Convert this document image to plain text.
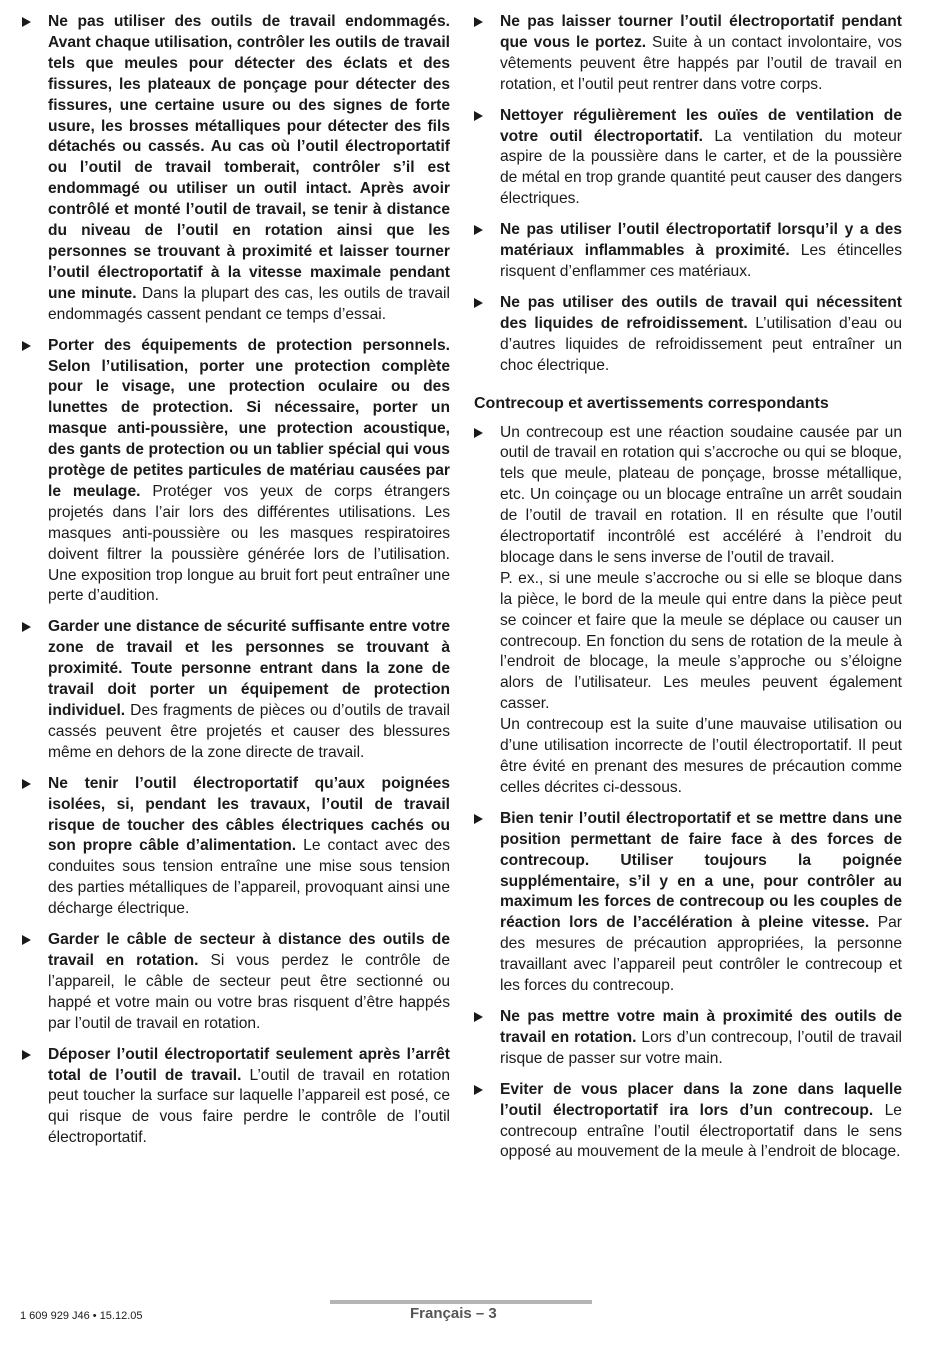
Ne pas utiliser des outils de travail endommagés. Avant chaque utilisation, contrôler les outils de travail tels que meules pour détecter des éclats et des fissures, les plateaux de ponçage pour détecter des fissures, une certaine usure ou des signes de forte usure, les brosses métalliques pour détecter des fils détachés ou cassés. Au cas où l’outil électroportatif ou l’outil de travail tomberait, contrôler s’il est endommagé ou utiliser un outil intact. Après avoir contrôlé et monté l’outil de travail, se tenir à distance du niveau de l’outil en rotation ainsi que les personnes se trouvant à proximité et laisser tourner l’outil électroportatif à la vitesse maximale pendant une minute. Dans la plupart des cas, les outils de travail endommagés cassent pendant ce temps d’essai.
Porter des équipements de protection personnels. Selon l’utilisation, porter une protection complète pour le visage, une protection oculaire ou des lunettes de protection. Si nécessaire, porter un masque anti-poussière, une protection acoustique, des gants de protection ou un tablier spécial qui vous protège de petites particules de matériau causées par le meulage. Protéger vos yeux de corps étrangers projetés dans l’air lors des différentes utilisations. Les masques anti-poussière ou les masques respiratoires doivent filtrer la poussière générée lors de l’utilisation. Une exposition trop longue au bruit fort peut entraîner une perte d’audition.
Garder une distance de sécurité suffisante entre votre zone de travail et les personnes se trouvant à proximité. Toute personne entrant dans la zone de travail doit porter un équipement de protection individuel. Des fragments de pièces ou d’outils de travail cassés peuvent être projetés et causer des blessures même en dehors de la zone directe de travail.
Ne tenir l’outil électroportatif qu’aux poignées isolées, si, pendant les travaux, l’outil de travail risque de toucher des câbles électriques cachés ou son propre câble d’alimentation. Le contact avec des conduites sous tension entraîne une mise sous tension des parties métalliques de l’appareil, provoquant ainsi une décharge électrique.
Garder le câble de secteur à distance des outils de travail en rotation. Si vous perdez le contrôle de l’appareil, le câble de secteur peut être sectionné ou happé et votre main ou votre bras risquent d’être happés par l’outil de travail en rotation.
Déposer l’outil électroportatif seulement après l’arrêt total de l’outil de travail. L’outil de travail en rotation peut toucher la surface sur laquelle l’appareil est posé, ce qui risque de vous faire perdre le contrôle de l’outil électroportatif.
Ne pas laisser tourner l’outil électroportatif pendant que vous le portez. Suite à un contact involontaire, vos vêtements peuvent être happés par l’outil de travail en rotation, et l’outil peut rentrer dans votre corps.
Nettoyer régulièrement les ouïes de ventilation de votre outil électroportatif. La ventilation du moteur aspire de la poussière dans le carter, et de la poussière de métal en trop grande quantité peut causer des dangers électriques.
Ne pas utiliser l’outil électroportatif lorsqu’il y a des matériaux inflammables à proximité. Les étincelles risquent d’enflammer ces matériaux.
Ne pas utiliser des outils de travail qui nécessitent des liquides de refroidissement. L’utilisation d’eau ou d’autres liquides de refroidissement peut entraîner un choc électrique.
Contrecoup et avertissements correspondants
Un contrecoup est une réaction soudaine causée par un outil de travail en rotation qui s’accroche ou qui se bloque, tels que meule, plateau de ponçage, brosse métallique, etc. Un coinçage ou un blocage entraîne un arrêt soudain de l’outil de travail en rotation. Il en résulte que l’outil électroportatif incontrôlé est accéléré à l’endroit du blocage dans le sens inverse de l’outil de travail.
P. ex., si une meule s’accroche ou si elle se bloque dans la pièce, le bord de la meule qui entre dans la pièce peut se coincer et faire que la meule se déplace ou causer un contrecoup. En fonction du sens de rotation de la meule à l’endroit de blocage, la meule s’approche ou s’éloigne alors de l’utilisateur. Les meules peuvent également casser.
Un contrecoup est la suite d’une mauvaise utilisation ou d’une utilisation incorrecte de l’outil électroportatif. Il peut être évité en prenant des mesures de précaution comme celles décrites ci-dessous.
Bien tenir l’outil électroportatif et se mettre dans une position permettant de faire face à des forces de contrecoup. Utiliser toujours la poignée supplémentaire, s’il y en a une, pour contrôler au maximum les forces de contrecoup ou les couples de réaction lors de l’accélération à pleine vitesse. Par des mesures de précaution appropriées, la personne travaillant avec l’appareil peut contrôler le contrecoup et les forces du contrecoup.
Ne pas mettre votre main à proximité des outils de travail en rotation. Lors d’un contrecoup, l’outil de travail risque de passer sur votre main.
Eviter de vous placer dans la zone dans laquelle l’outil électroportatif ira lors d’un contrecoup. Le contrecoup entraîne l’outil électroportatif dans le sens opposé au mouvement de la meule à l’endroit de blocage.
1 609 929 J46 • 15.12.05	Français – 3
